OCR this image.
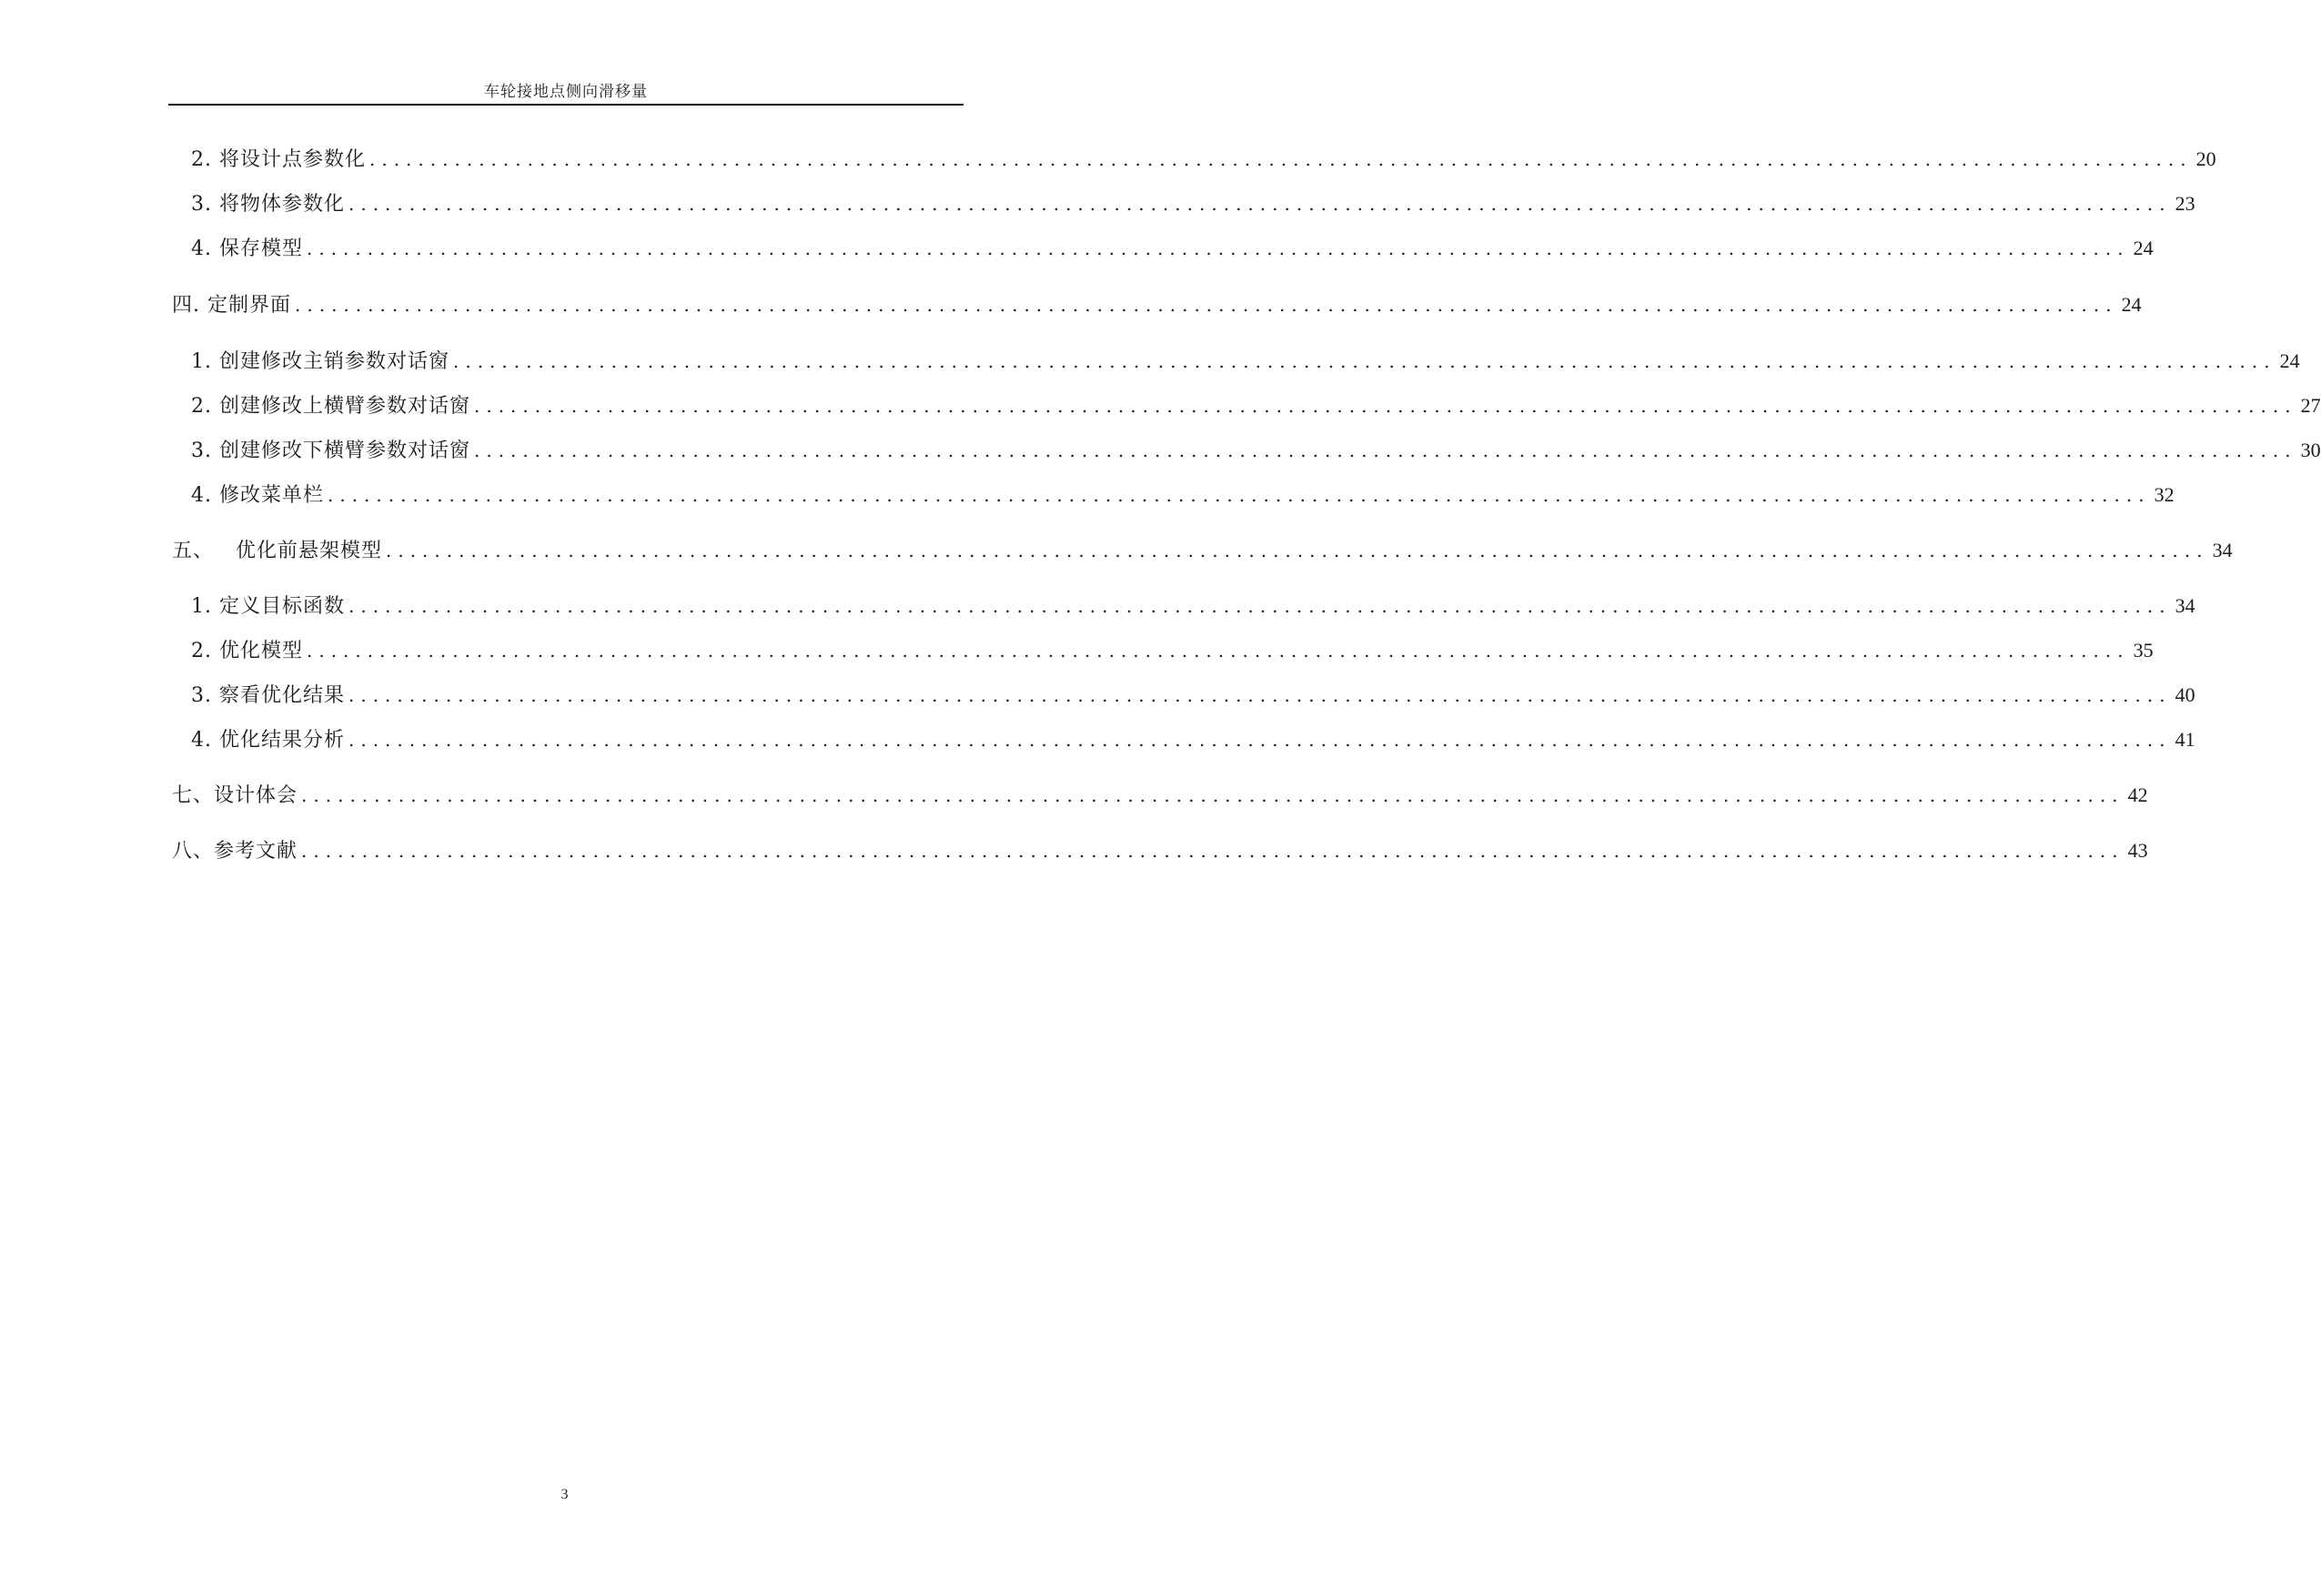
车轮接地点侧向滑移量
2. 将设计点参数化 ...................................................................................................................................................... 20
3. 将物体参数化 ...................................................................................................................................................... 23
4. 保存模型 ...................................................................................................................................................... 24
四. 定制界面 ...................................................................................................................................................... 24
1. 创建修改主销参数对话窗 ...................................................................................................................................................... 24
2. 创建修改上横臂参数对话窗 ...................................................................................................................................................... 27
3. 创建修改下横臂参数对话窗 ...................................................................................................................................................... 30
4. 修改菜单栏 ...................................................................................................................................................... 32
五、   优化前悬架模型 ...................................................................................................................................................... 34
1. 定义目标函数 ...................................................................................................................................................... 34
2. 优化模型 ...................................................................................................................................................... 35
3. 察看优化结果 ...................................................................................................................................................... 40
4. 优化结果分析 ...................................................................................................................................................... 41
七、设计体会 ...................................................................................................................................................... 42
八、参考文献 ...................................................................................................................................................... 43
3
